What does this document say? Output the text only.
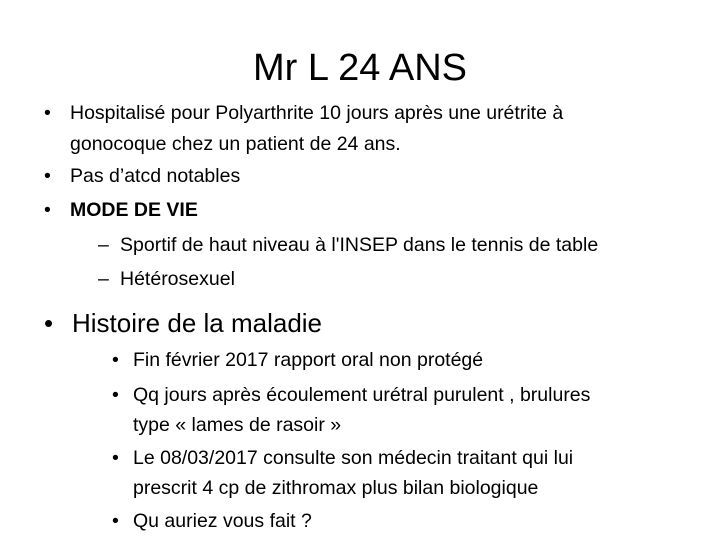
Mr L 24 ANS
• Hospitalisé pour Polyarthrite 10 jours après une urétrite à
gonocoque chez un patient de 24 ans.
• Pas d’atcd notables
• MODE DE VIE
– Sportif de haut niveau à l'INSEP dans le tennis de table
– Hétérosexuel
• Histoire de la maladie
• Fin février 2017 rapport oral non protégé
• Qq jours après écoulement urétral purulent , brulures
type « lames de rasoir »
• Le 08/03/2017 consulte son médecin traitant qui lui
prescrit 4 cp de zithromax plus bilan biologique
• Qu auriez vous fait ?
